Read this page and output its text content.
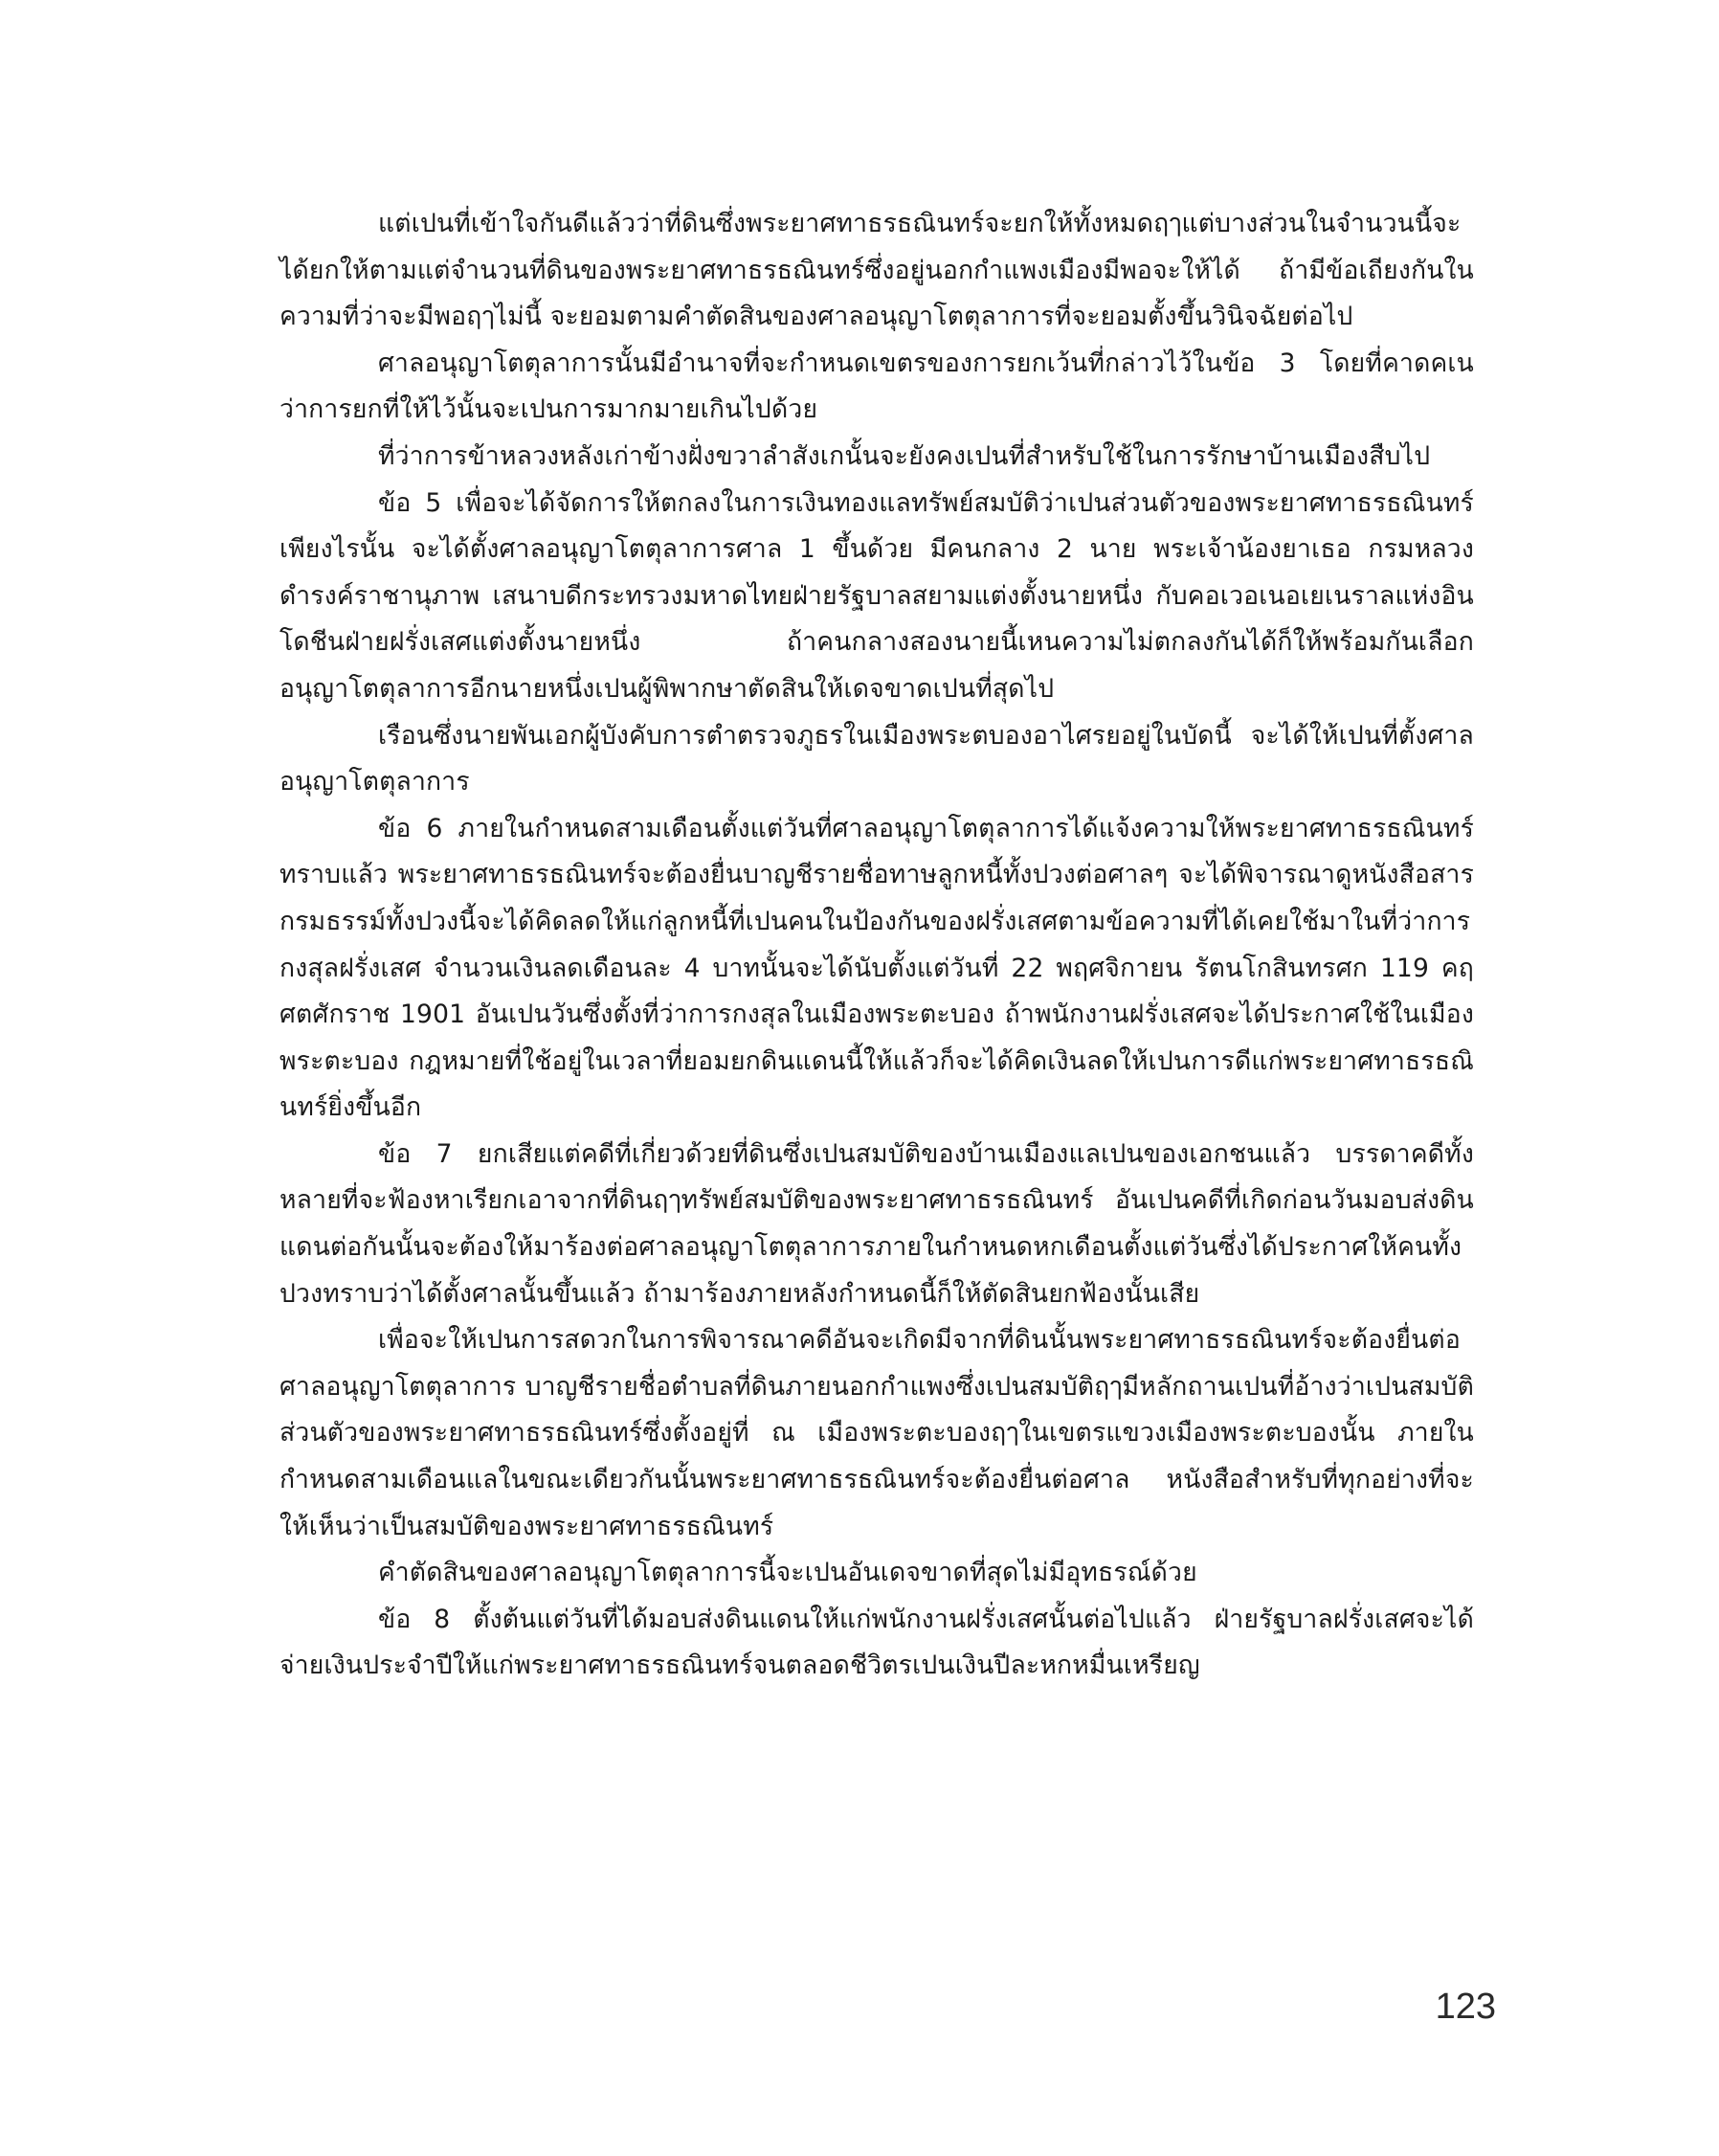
แต่เปนที่เข้าใจกันดีแล้วว่าที่ดินซึ่งพระยาศทาธรธณินทร์จะยกให้ทั้งหมดฤๅแต่บางส่วนในจำนวนนี้จะได้ยกให้ตามแต่จำนวนที่ดินของพระยาศทาธรธณินทร์ซึ่งอยู่นอกกำแพงเมืองมีพอจะให้ได้ ถ้ามีข้อเถียงกันในความที่ว่าจะมีพอฤๅไม่นี้ จะยอมตามคำตัดสินของศาลอนุญาโตตุลาการที่จะยอมตั้งขึ้นวินิจฉัยต่อไป

ศาลอนุญาโตตุลาการนั้นมีอำนาจที่จะกำหนดเขตรของการยกเว้นที่กล่าวไว้ในข้อ 3 โดยที่คาดคเนว่าการยกที่ให้ไว้นั้นจะเปนการมากมายเกินไปด้วย

ที่ว่าการข้าหลวงหลังเก่าข้างฝั่งขวาลำสังเกนั้นจะยังคงเปนที่สำหรับใช้ในการรักษาบ้านเมืองสืบไป

ข้อ 5 เพื่อจะได้จัดการให้ตกลงในการเงินทองแลทรัพย์สมบัติว่าเปนส่วนตัวของพระยาศทาธรธณินทร์เพียงไรนั้น จะได้ตั้งศาลอนุญาโตตุลาการศาล 1 ขึ้นด้วย มีคนกลาง 2 นาย พระเจ้าน้องยาเธอ กรมหลวงดำรงค์ราชานุภาพ เสนาบดีกระทรวงมหาดไทยฝ่ายรัฐบาลสยามแต่งตั้งนายหนึ่ง กับคอเวอเนอเยเนราลแห่งอินโดชีนฝ่ายฝรั่งเสศแต่งตั้งนายหนึ่ง ถ้าคนกลางสองนายนี้เหนความไม่ตกลงกันได้ก็ให้พร้อมกันเลือกอนุญาโตตุลาการอีกนายหนึ่งเปนผู้พิพากษาตัดสินให้เดจขาดเปนที่สุดไป

เรือนซึ่งนายพันเอกผู้บังคับการตำตรวจภูธรในเมืองพระตบองอาไศรยอยู่ในบัดนี้ จะได้ให้เปนที่ตั้งศาลอนุญาโตตุลาการ

ข้อ 6 ภายในกำหนดสามเดือนตั้งแต่วันที่ศาลอนุญาโตตุลาการได้แจ้งความให้พระยาศทาธรธณินทร์ทราบแล้ว พระยาศทาธรธณินทร์จะต้องยื่นบาญชีรายชื่อทาษลูกหนี้ทั้งปวงต่อศาลๆ จะได้พิจารณาดูหนังสือสารกรมธรรม์ทั้งปวงนี้จะได้คิดลดให้แก่ลูกหนี้ที่เปนคนในป้องกันของฝรั่งเสศตามข้อความที่ได้เคยใช้มาในที่ว่าการกงสุลฝรั่งเสศ จำนวนเงินลดเดือนละ 4 บาทนั้นจะได้นับตั้งแต่วันที่ 22 พฤศจิกายน รัตนโกสินทรศก 119 คฤศตศักราช 1901 อันเปนวันซึ่งตั้งที่ว่าการกงสุลในเมืองพระตะบอง ถ้าพนักงานฝรั่งเสศจะได้ประกาศใช้ในเมืองพระตะบอง กฎหมายที่ใช้อยู่ในเวลาที่ยอมยกดินแดนนี้ให้แล้วก็จะได้คิดเงินลดให้เปนการดีแก่พระยาศทาธรธณินทร์ยิ่งขึ้นอีก

ข้อ 7 ยกเสียแต่คดีที่เกี่ยวด้วยที่ดินซึ่งเปนสมบัติของบ้านเมืองแลเปนของเอกชนแล้ว บรรดาคดีทั้งหลายที่จะฟ้องหาเรียกเอาจากที่ดินฤๅทรัพย์สมบัติของพระยาศทาธรธณินทร์ อันเปนคดีที่เกิดก่อนวันมอบส่งดินแดนต่อกันนั้นจะต้องให้มาร้องต่อศาลอนุญาโตตุลาการภายในกำหนดหกเดือนตั้งแต่วันซึ่งได้ประกาศให้คนทั้งปวงทราบว่าได้ตั้งศาลนั้นขึ้นแล้ว ถ้ามาร้องภายหลังกำหนดนี้ก็ให้ตัดสินยกฟ้องนั้นเสีย

เพื่อจะให้เปนการสดวกในการพิจารณาคดีอันจะเกิดมีจากที่ดินนั้นพระยาศทาธรธณินทร์จะต้องยื่นต่อศาลอนุญาโตตุลาการ บาญชีรายชื่อตำบลที่ดินภายนอกกำแพงซึ่งเปนสมบัติฤๅมีหลักถานเปนที่อ้างว่าเปนสมบัติส่วนตัวของพระยาศทาธรธณินทร์ซึ่งตั้งอยู่ที่ ณ เมืองพระตะบองฤๅในเขตรแขวงเมืองพระตะบองนั้น ภายในกำหนดสามเดือนแลในขณะเดียวกันนั้นพระยาศทาธรธณินทร์จะต้องยื่นต่อศาล หนังสือสำหรับที่ทุกอย่างที่จะให้เห็นว่าเป็นสมบัติของพระยาศทาธรธณินทร์

คำตัดสินของศาลอนุญาโตตุลาการนี้จะเปนอันเดจขาดที่สุดไม่มีอุทธรณ์ด้วย

ข้อ 8 ตั้งต้นแต่วันที่ได้มอบส่งดินแดนให้แก่พนักงานฝรั่งเสศนั้นต่อไปแล้ว ฝ่ายรัฐบาลฝรั่งเสศจะได้จ่ายเงินประจำปีให้แก่พระยาศทาธรธณินทร์จนตลอดชีวิตรเปนเงินปีละหกหมื่นเหรียญ

123
